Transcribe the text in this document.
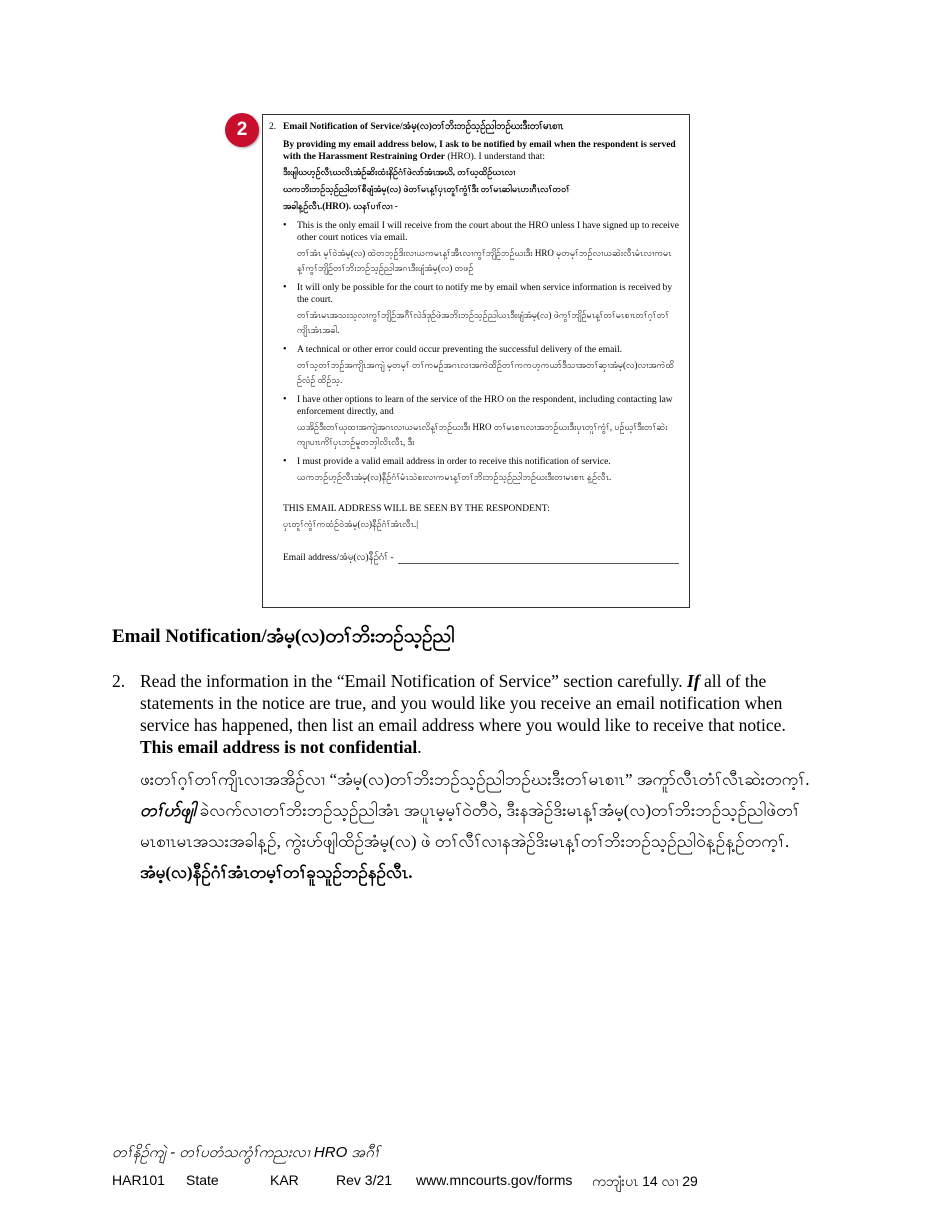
2	2. Email Notification of Service/အံမ့(လ)တၢ်ဘိးဘဉ်သ့ဉ်ညါဘဉ်ဃးဒီးတၢ်မၤစၢၤ
By providing my email address below, I ask to be notified by email when the respondent is served with the Harassment Restraining Order (HRO). I understand that:
ဒီးဖျါဃဟ့ဉ်လီၤဃလိၤအံဉ်ဆိးထံးနိဉ်ဂံၢ်ဖဲလာ်အံၤအဃိ, တၢ်ဃ့ထိဉ်ဃၤလၢ
ဃကဘိးဘဉ်သ့ဉ်ညါတၢ်စီဖျံအံမ့(လ) ဖဲတၢ်မၤန့ၢ်ပှၤတူၢ်ကွံၢ်ဒီး တၢ်မၤဆါမၤဟးဂီၤလၢ်တ၀ၢ်
အခါန့ဉ်လီၤ.(HRO). ဃနၢ်ပၢၢ်လၢ -
• This is the only email I will receive from the court about the HRO unless I have signed up to receive other court notices via email.
တၢ်အံၤ မ့ၢ်ဝဲအံမ့(လ) ထဲတဘ့ဉ်ဒိးလၢယကမၤန့ၢ်အီၤလၢကွၢ်ဘျိဉ်ဘဉ်ဃးဒီး HRO မ့တမ့ၢ်ဘဉ်လၢယဆဲးလီၤမံၤလၢကမၤန့ၢ်ကွၢ်ဘျိဉ်တၢ်ဘိးဘဉ်သ့ဉ်ညါအဂၤဒီးဖျံအံမ့(လ) တဖဉ်
• It will only be possible for the court to notify me by email when service information is received by the court.
တၢ်အံၤမၤအသးသ့လၢကွၢ်ဘျိဉ်အဂီၢ်လဲဒ်ဒုဉ်ဖဲအဘိးဘဉ်သ့ဉ်ညါယၤဒီးဖျံအံမ့(လ) ဖဲကွၢ်ဘျိဉ်မၤန့ၢ်တၢ်မၤစၢၤတၢ်ဂ့ၢ်တၢ်ကျိၤအံၤအခါ.
• A technical or other error could occur preventing the successful delivery of the email.
တၢ်သ့တၢ်ဘဉ်အကျိၤအကျဲ မ့တမ့ၢ် တၢ်ကမဉ်အဂၤလၢအကဲထိဉ်တၢ်ကကဟ့ကယာ်ဒီသၢအတၢ်ဆှၢအံမ့(လ)လၢအကဲထိဉ်လံဉ် ထိဉ်သ့.
• I have other options to learn of the service of the HRO on the respondent, including contacting law enforcement directly, and
ယအိဉ်ဒီးတၢ်ဃုထၢအကျဲအဂၤလၢယမၤလိန့ၢ်ဘဉ်ဃးဒီး HRO တၢ်မၤစၢၤလၢအဘဉ်ဃးဒီးပှၤတူၢ်ကွံၢ်, ပဉ်ဃ့ၢ်ဒီးတၢ်ဆဲးကျၢပၢၤကိၢ်ပှၤဘဉ်မူတဘှါလိၤလီၤ, ဒီး
• I must provide a valid email address in order to receive this notification of service.
ယကဘဉ်ဟ့ဉ်လီၤအံမ့(လ)နီဉ်ဂံၢ်မံၤသဲစးလၢကမၤန့ၢ်တၢ်ဘိးဘဉ်သ့ဉ်ညါဘဉ်ဃးဒီးတၢမၤစၢၤ န့ဉ်လီၤ.
THIS EMAIL ADDRESS WILL BE SEEN BY THE RESPONDENT:
ပှၤတူၢ်ကွံၢ်ကထံဉ်ဝဲအံမ့(လ)နီဉ်ဂံၢ်အံၤလီၤ.|
Email address/အံမ့(လ)နီဉ်ဂံၢ် -
Email Notification/အံမ့(လ)တၢ်ဘိးဘဉ်သ့ဉ်ညါ
2. Read the information in the “Email Notification of Service” section carefully. If all of the statements in the notice are true, and you would like you receive an email notification when service has happened, then list an email address where you would like to receive that notice.
This email address is not confidential.
ဖးတၢ်ဂ့ၢ်တၢ်ကျိၤလၢအအိဉ်လၢ “အံမ့(လ)တၢ်ဘိးဘဉ်သ့ဉ်ညါဘဉ်ဃးဒီးတၢ်မၤစၢၤ” အကူာ်လီၤတံၢ်လီၤဆဲးတက့ၢ်. တၢ်ဟ်ဖျါ ခဲလက်လၢတၢ်ဘိးဘဉ်သ့ဉ်ညါအံၤ အပူၤမ့မ့ၢ်ဝဲတီဝဲ, ဒီးနအဲဉ်ဒိးမၤန့ၢ်အံမ့(လ)တၢ်ဘိးဘဉ်သ့ဉ်ညါဖဲတၢ်မၤစၢၤမၤအသးအခါန့ဉ်, ကွဲးဟ်ဖျါထိဉ်အံမ့(လ) ဖဲ တၢ်လီၢ်လၢနအဲဉ်ဒိးမၤန့ၢ်တၢ်ဘိးဘဉ်သ့ဉ်ညါဝဲန့ဉ်န့ဉ်တက့ၢ်.
အံမ့(လ)နီဉ်ဂံၢ်အံၤတမ့ၢ်တၢ်ခူသူဉ်ဘဉ်နဉ်လီၤ.
တၢ်နိဉ်ကျဲ - တၢ်ပတံသကွံၢ်ကညးလၢ HRO အဂီၢ်
HAR101	State	KAR	Rev 3/21	www.mncourts.gov/forms	ကဘျံးပၤ 14 လၢ 29
